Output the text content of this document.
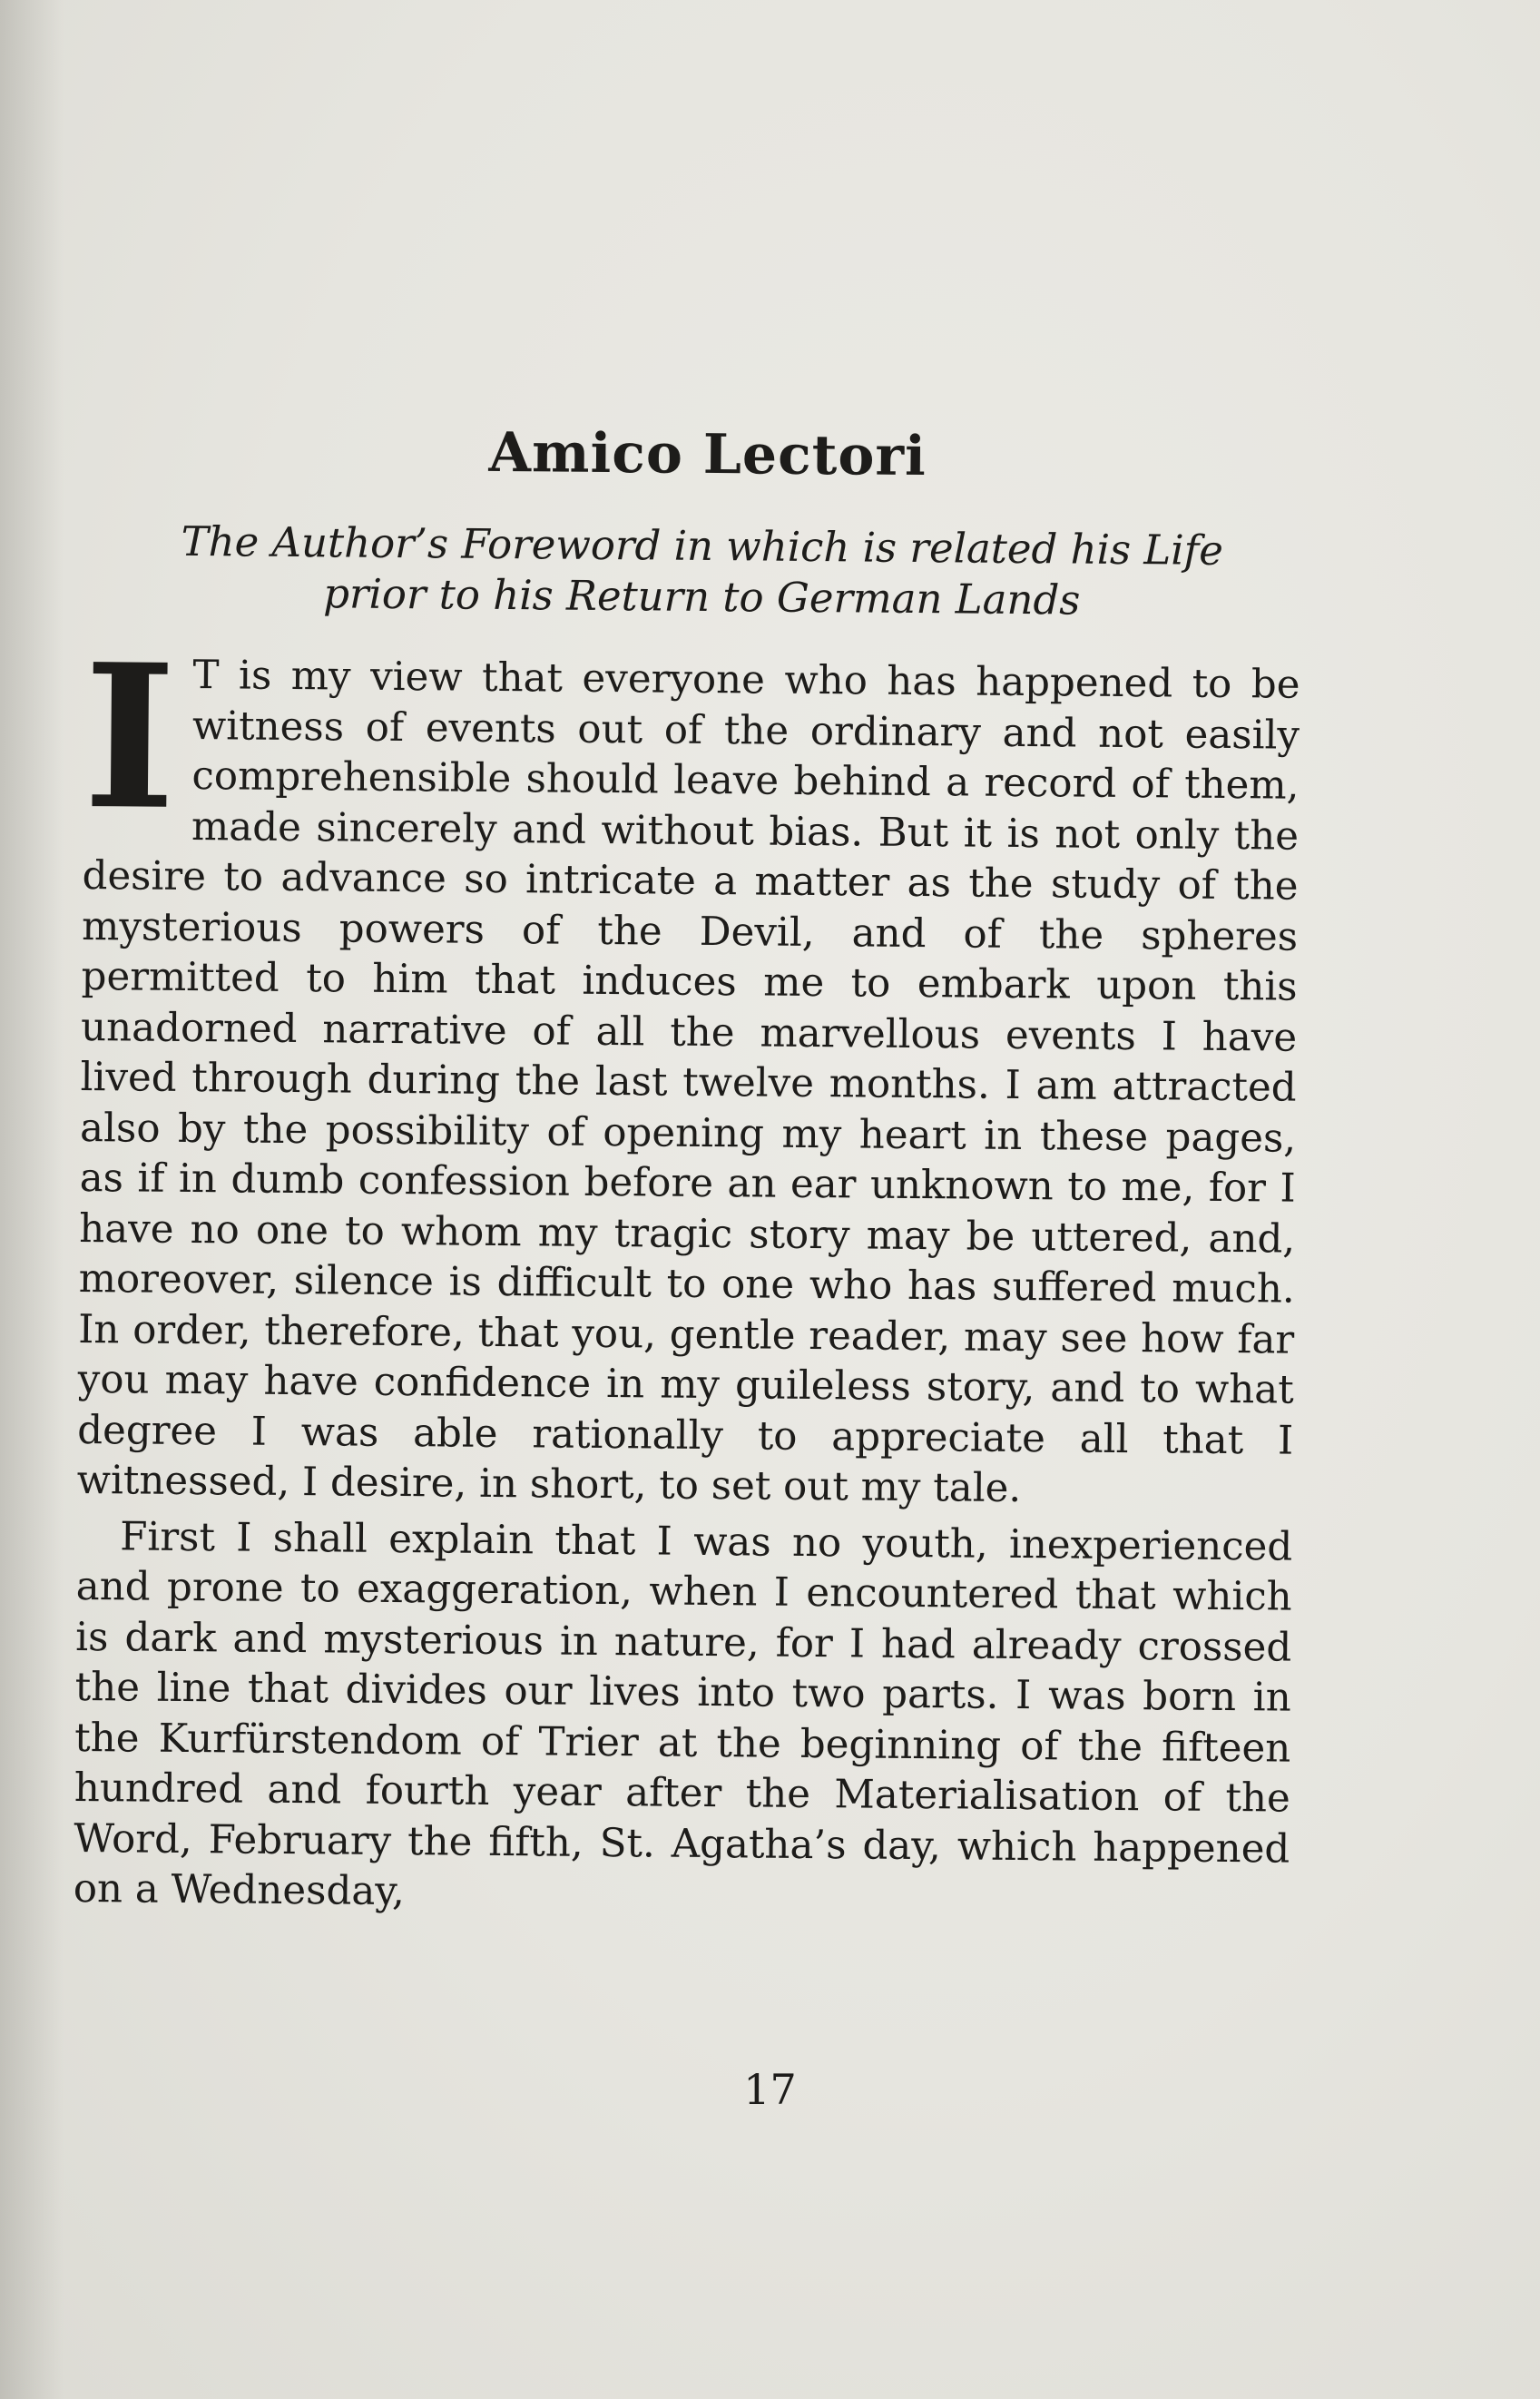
Amico Lectori
The Author’s Foreword in which is related his Life
prior to his Return to German Lands

I T is my view that everyone who has happened to be witness of events out of the ordinary and not easily comprehensible should leave behind a record of them, made sincerely and without bias. But it is not only the desire to advance so intricate a matter as the study of the mysterious powers of the Devil, and of the spheres permitted to him that induces me to embark upon this unadorned narrative of all the marvellous events I have lived through during the last twelve months. I am attracted also by the possibility of opening my heart in these pages, as if in dumb confession before an ear unknown to me, for I have no one to whom my tragic story may be uttered, and, moreover, silence is difficult to one who has suffered much. In order, therefore, that you, gentle reader, may see how far you may have confidence in my guileless story, and to what degree I was able rationally to appreciate all that I witnessed, I desire, in short, to set out my tale.

First I shall explain that I was no youth, inexperienced and prone to exaggeration, when I encountered that which is dark and mysterious in nature, for I had already crossed the line that divides our lives into two parts. I was born in the Kurfürstendom of Trier at the beginning of the fifteen hundred and fourth year after the Materialisation of the Word, February the fifth, St. Agatha’s day, which happened on a Wednesday,

17
